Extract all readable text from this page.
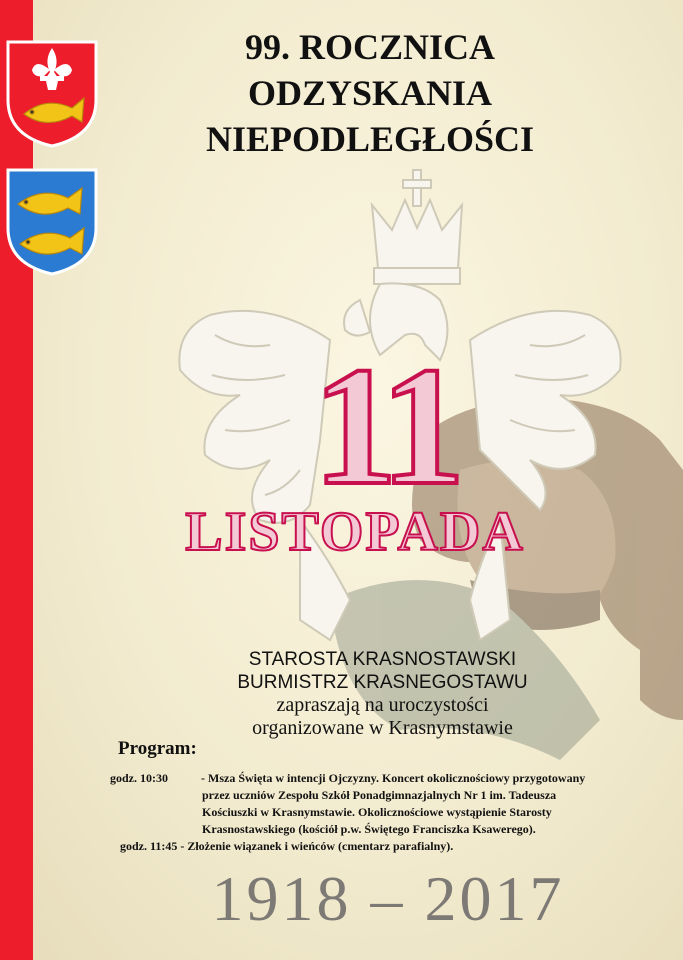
99. ROCZNICA
ODZYSKANIA
NIEPODLEGŁOŚCI
11
LISTOPADA
STAROSTA KRASNOSTAWSKI
BURMISTRZ KRASNEGOSTAWU
zapraszają na uroczystości
organizowane w Krasnymstawie
Program:
godz. 10:30	- Msza Święta w intencji Ojczyzny. Koncert okolicznościowy przygotowany
przez uczniów Zespołu Szkół Ponadgimnazjalnych Nr 1 im. Tadeusza
Kościuszki w Krasnymstawie. Okolicznościowe wystąpienie Starosty
Krasnostawskiego (kościół p.w. Świętego Franciszka Ksawerego).
godz. 11:45 - Złożenie wiązanek i wieńców (cmentarz parafialny).
1918 – 2017
